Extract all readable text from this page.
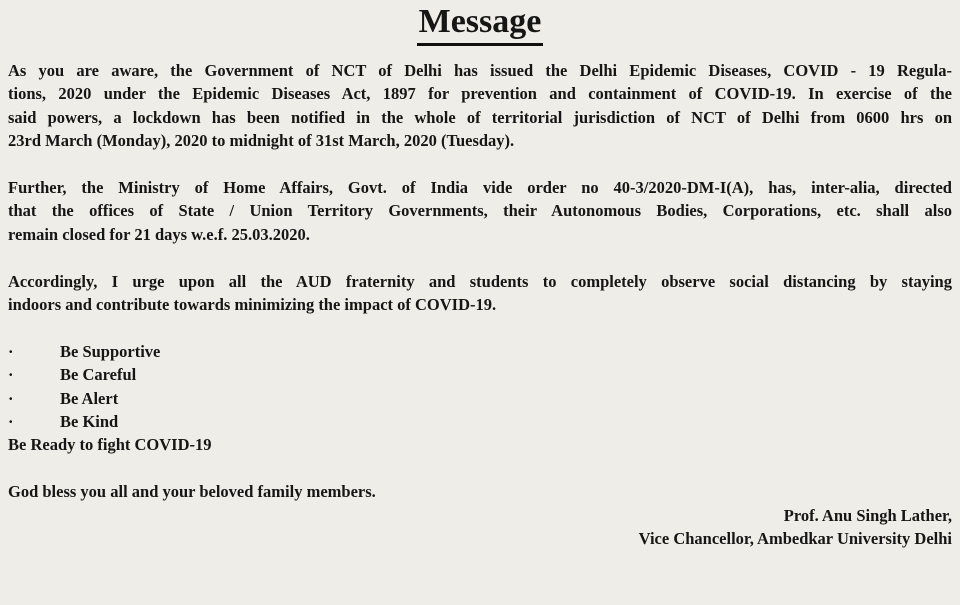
Message
As you are aware, the Government of NCT of Delhi has issued the Delhi Epidemic Diseases, COVID - 19 Regula-
tions, 2020 under the Epidemic Diseases Act, 1897 for prevention and containment of COVID-19. In exercise of the
said powers, a lockdown has been notified in the whole of territorial jurisdiction of NCT of Delhi from 0600 hrs on
23rd March (Monday), 2020 to midnight of 31st March, 2020 (Tuesday).
Further, the Ministry of Home Affairs, Govt. of India vide order no 40-3/2020-DM-I(A), has, inter-alia, directed
that the offices of State / Union Territory Governments, their Autonomous Bodies, Corporations, etc. shall also
remain closed for 21 days w.e.f. 25.03.2020.
Accordingly, I urge upon all the AUD fraternity and students to completely observe social distancing by staying
indoors and contribute towards minimizing the impact of COVID-19.
·	Be Supportive
·	Be Careful
·	Be Alert
·	Be Kind
Be Ready to fight COVID-19
God bless you all and your beloved family members.
Prof. Anu Singh Lather,
Vice Chancellor, Ambedkar University Delhi
